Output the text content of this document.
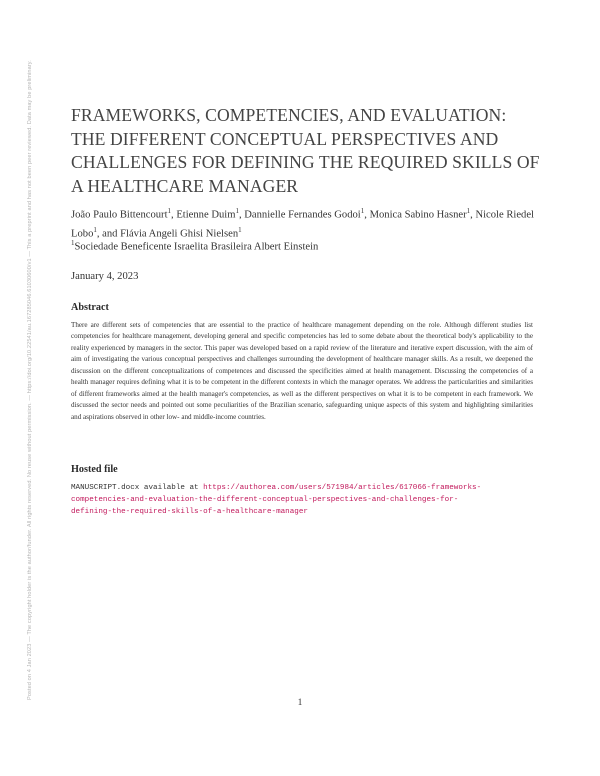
Posted on 4 Jan 2023 — The copyright holder is the author/funder. All rights reserved. No reuse without permission. — https://doi.org/10.22541/au.167285046.61030600/v1 — This a preprint and has not been peer reviewed. Data may be preliminary. FRAMEWORKS, COMPETENCIES, AND EVALUATION: THE DIFFERENT CONCEPTUAL PERSPECTIVES AND CHALLENGES FOR DEFINING THE REQUIRED SKILLS OF A HEALTHCARE MANAGER
João Paulo Bittencourt$^1$, Etienne Duim$^1$, Dannielle Fernandes Godoi$^1$, Monica Sabino Hasner$^1$, Nicole Riedel Lobo$^1$, and Flávia Angeli Ghisi Nielsen$^1$
$^1$Sociedade Beneficente Israelita Brasileira Albert Einstein
January 4, 2023
Abstract

There are different sets of competencies that are essential to the practice of healthcare management depending on the role. Although different studies list competencies for healthcare management, developing general and specific competencies has led to some debate about the theoretical body's applicability to the reality experienced by managers in the sector. This paper was developed based on a rapid review of the literature and iterative expert discussion, with the aim of aim of investigating the various conceptual perspectives and challenges surrounding the development of healthcare manager skills. As a result, we deepened the discussion on the different conceptualizations of competences and discussed the specificities aimed at health management. Discussing the competencies of a health manager requires defining what it is to be competent in the different contexts in which the manager operates. We address the particularities and similarities of different frameworks aimed at the health manager's competencies, as well as the different perspectives on what it is to be competent in each framework. We discussed the sector needs and pointed out some peculiarities of the Brazilian scenario, safeguarding unique aspects of this system and highlighting similarities and aspirations observed in other low- and middle-income countries.

Hosted file
MANUSCRIPT.docx available at https://authorea.com/users/571984/articles/617066-frameworks-
competencies-and-evaluation-the-different-conceptual-perspectives-and-challenges-for-
defining-the-required-skills-of-a-healthcare-manager
1
